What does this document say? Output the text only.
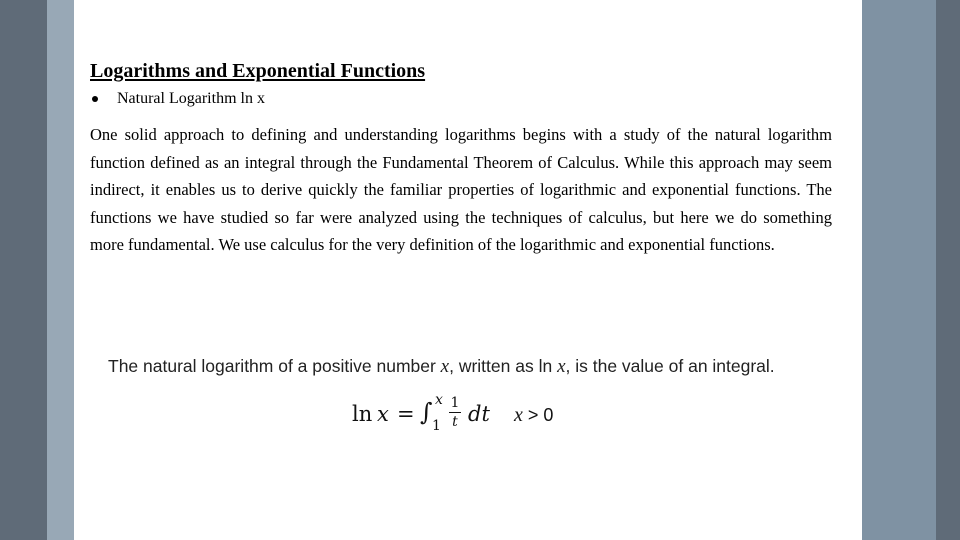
Logarithms and Exponential Functions
Natural Logarithm ln x
One solid approach to defining and understanding logarithms begins with a study of the natural logarithm function defined as an integral through the Fundamental Theorem of Calculus. While this approach may seem indirect, it enables us to derive quickly the familiar properties of logarithmic and exponential functions. The functions we have studied so far were analyzed using the techniques of calculus, but here we do something more fundamental. We use calculus for the very definition of the logarithmic and exponential functions.
The natural logarithm of a positive number x, written as ln x, is the value of an integral.
ln x = ∫ x
1
1
t dt x > 0
